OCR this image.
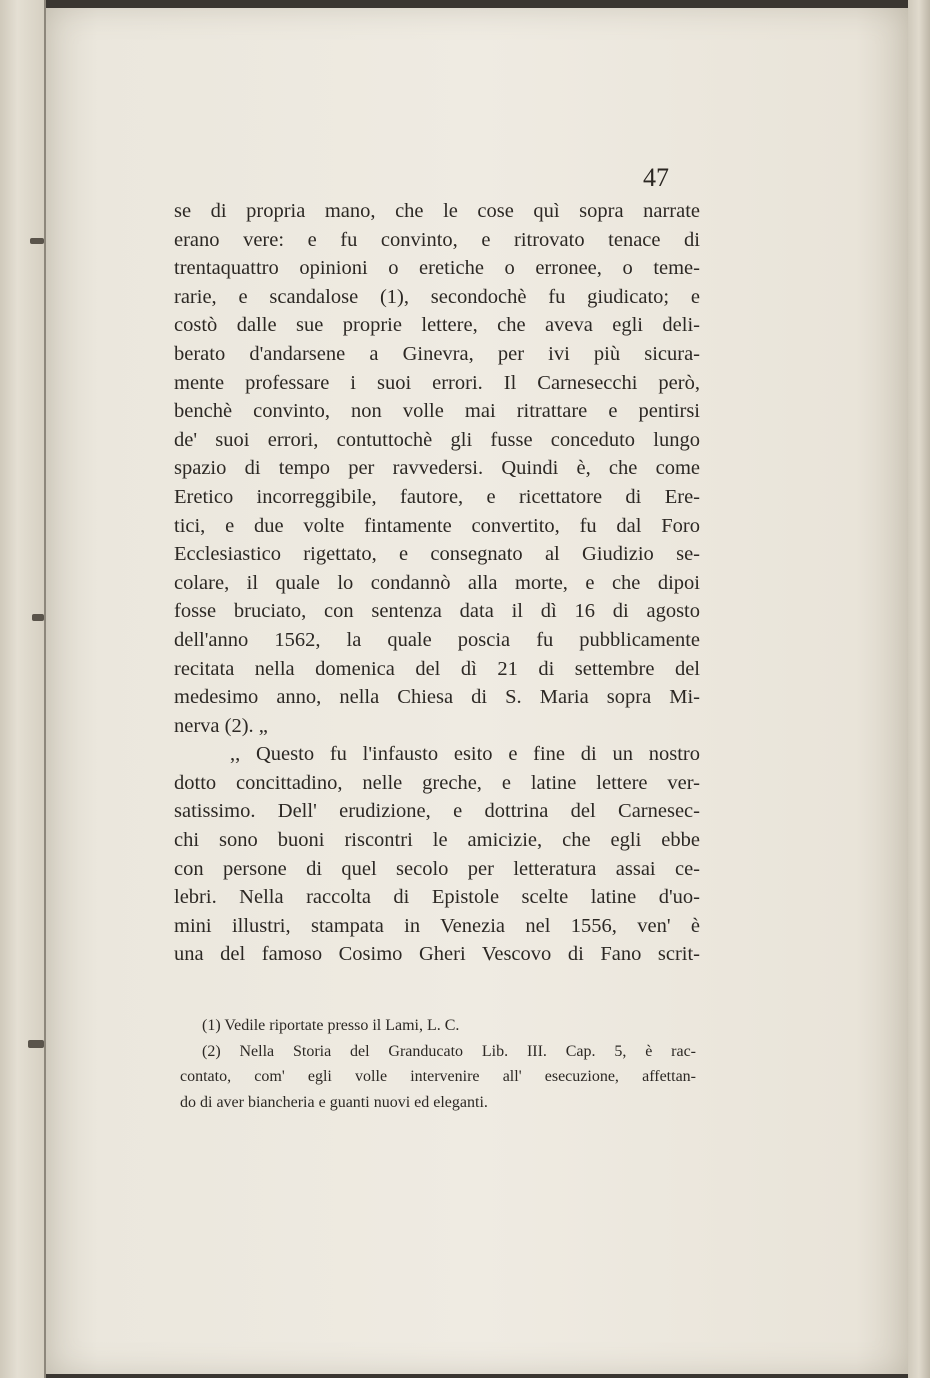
47
se di propria mano, che le cose quì sopra narrate
erano vere: e fu convinto, e ritrovato tenace di
trentaquattro opinioni o eretiche o erronee, o teme-
rarie, e scandalose (1), secondochè fu giudicato; e
costò dalle sue proprie lettere, che aveva egli deli-
berato d'andarsene a Ginevra, per ivi più sicura-
mente professare i suoi errori. Il Carnesecchi però,
benchè convinto, non volle mai ritrattare e pentirsi
de' suoi errori, contuttochè gli fusse conceduto lungo
spazio di tempo per ravvedersi. Quindi è, che come
Eretico incorreggibile, fautore, e ricettatore di Ere-
tici, e due volte fintamente convertito, fu dal Foro
Ecclesiastico rigettato, e consegnato al Giudizio se-
colare, il quale lo condannò alla morte, e che dipoi
fosse bruciato, con sentenza data il dì 16 di agosto
dell'anno 1562, la quale poscia fu pubblicamente
recitata nella domenica del dì 21 di settembre del
medesimo anno, nella Chiesa di S. Maria sopra Mi-
nerva (2). „
,, Questo fu l'infausto esito e fine di un nostro
dotto concittadino, nelle greche, e latine lettere ver-
satissimo. Dell' erudizione, e dottrina del Carnesec-
chi sono buoni riscontri le amicizie, che egli ebbe
con persone di quel secolo per letteratura assai ce-
lebri. Nella raccolta di Epistole scelte latine d'uo-
mini illustri, stampata in Venezia nel 1556, ven' è
una del famoso Cosimo Gheri Vescovo di Fano scrit-
(1) Vedile riportate presso il Lami, L. C.
(2) Nella Storia del Granducato Lib. III. Cap. 5, è rac-
contato, com' egli volle intervenire all' esecuzione, affettan-
do di aver biancheria e guanti nuovi ed eleganti.
